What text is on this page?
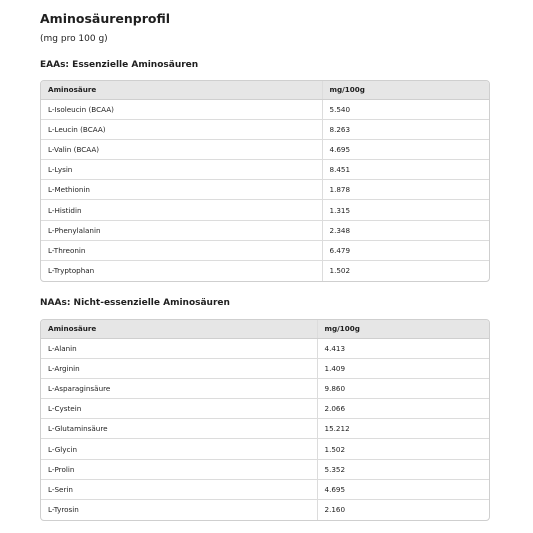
Aminosäurenprofil
(mg pro 100 g)
EAAs: Essenzielle Aminosäuren
Aminosäure	mg/100g
L-Isoleucin (BCAA)	5.540
L-Leucin (BCAA)	8.263
L-Valin (BCAA)	4.695
L-Lysin	8.451
L-Methionin	1.878
L-Histidin	1.315
L-Phenylalanin	2.348
L-Threonin	6.479
L-Tryptophan	1.502
NAAs: Nicht-essenzielle Aminosäuren
Aminosäure	mg/100g
L-Alanin	4.413
L-Arginin	1.409
L-Asparaginsäure	9.860
L-Cystein	2.066
L-Glutaminsäure	15.212
L-Glycin	1.502
L-Prolin	5.352
L-Serin	4.695
L-Tyrosin	2.160
